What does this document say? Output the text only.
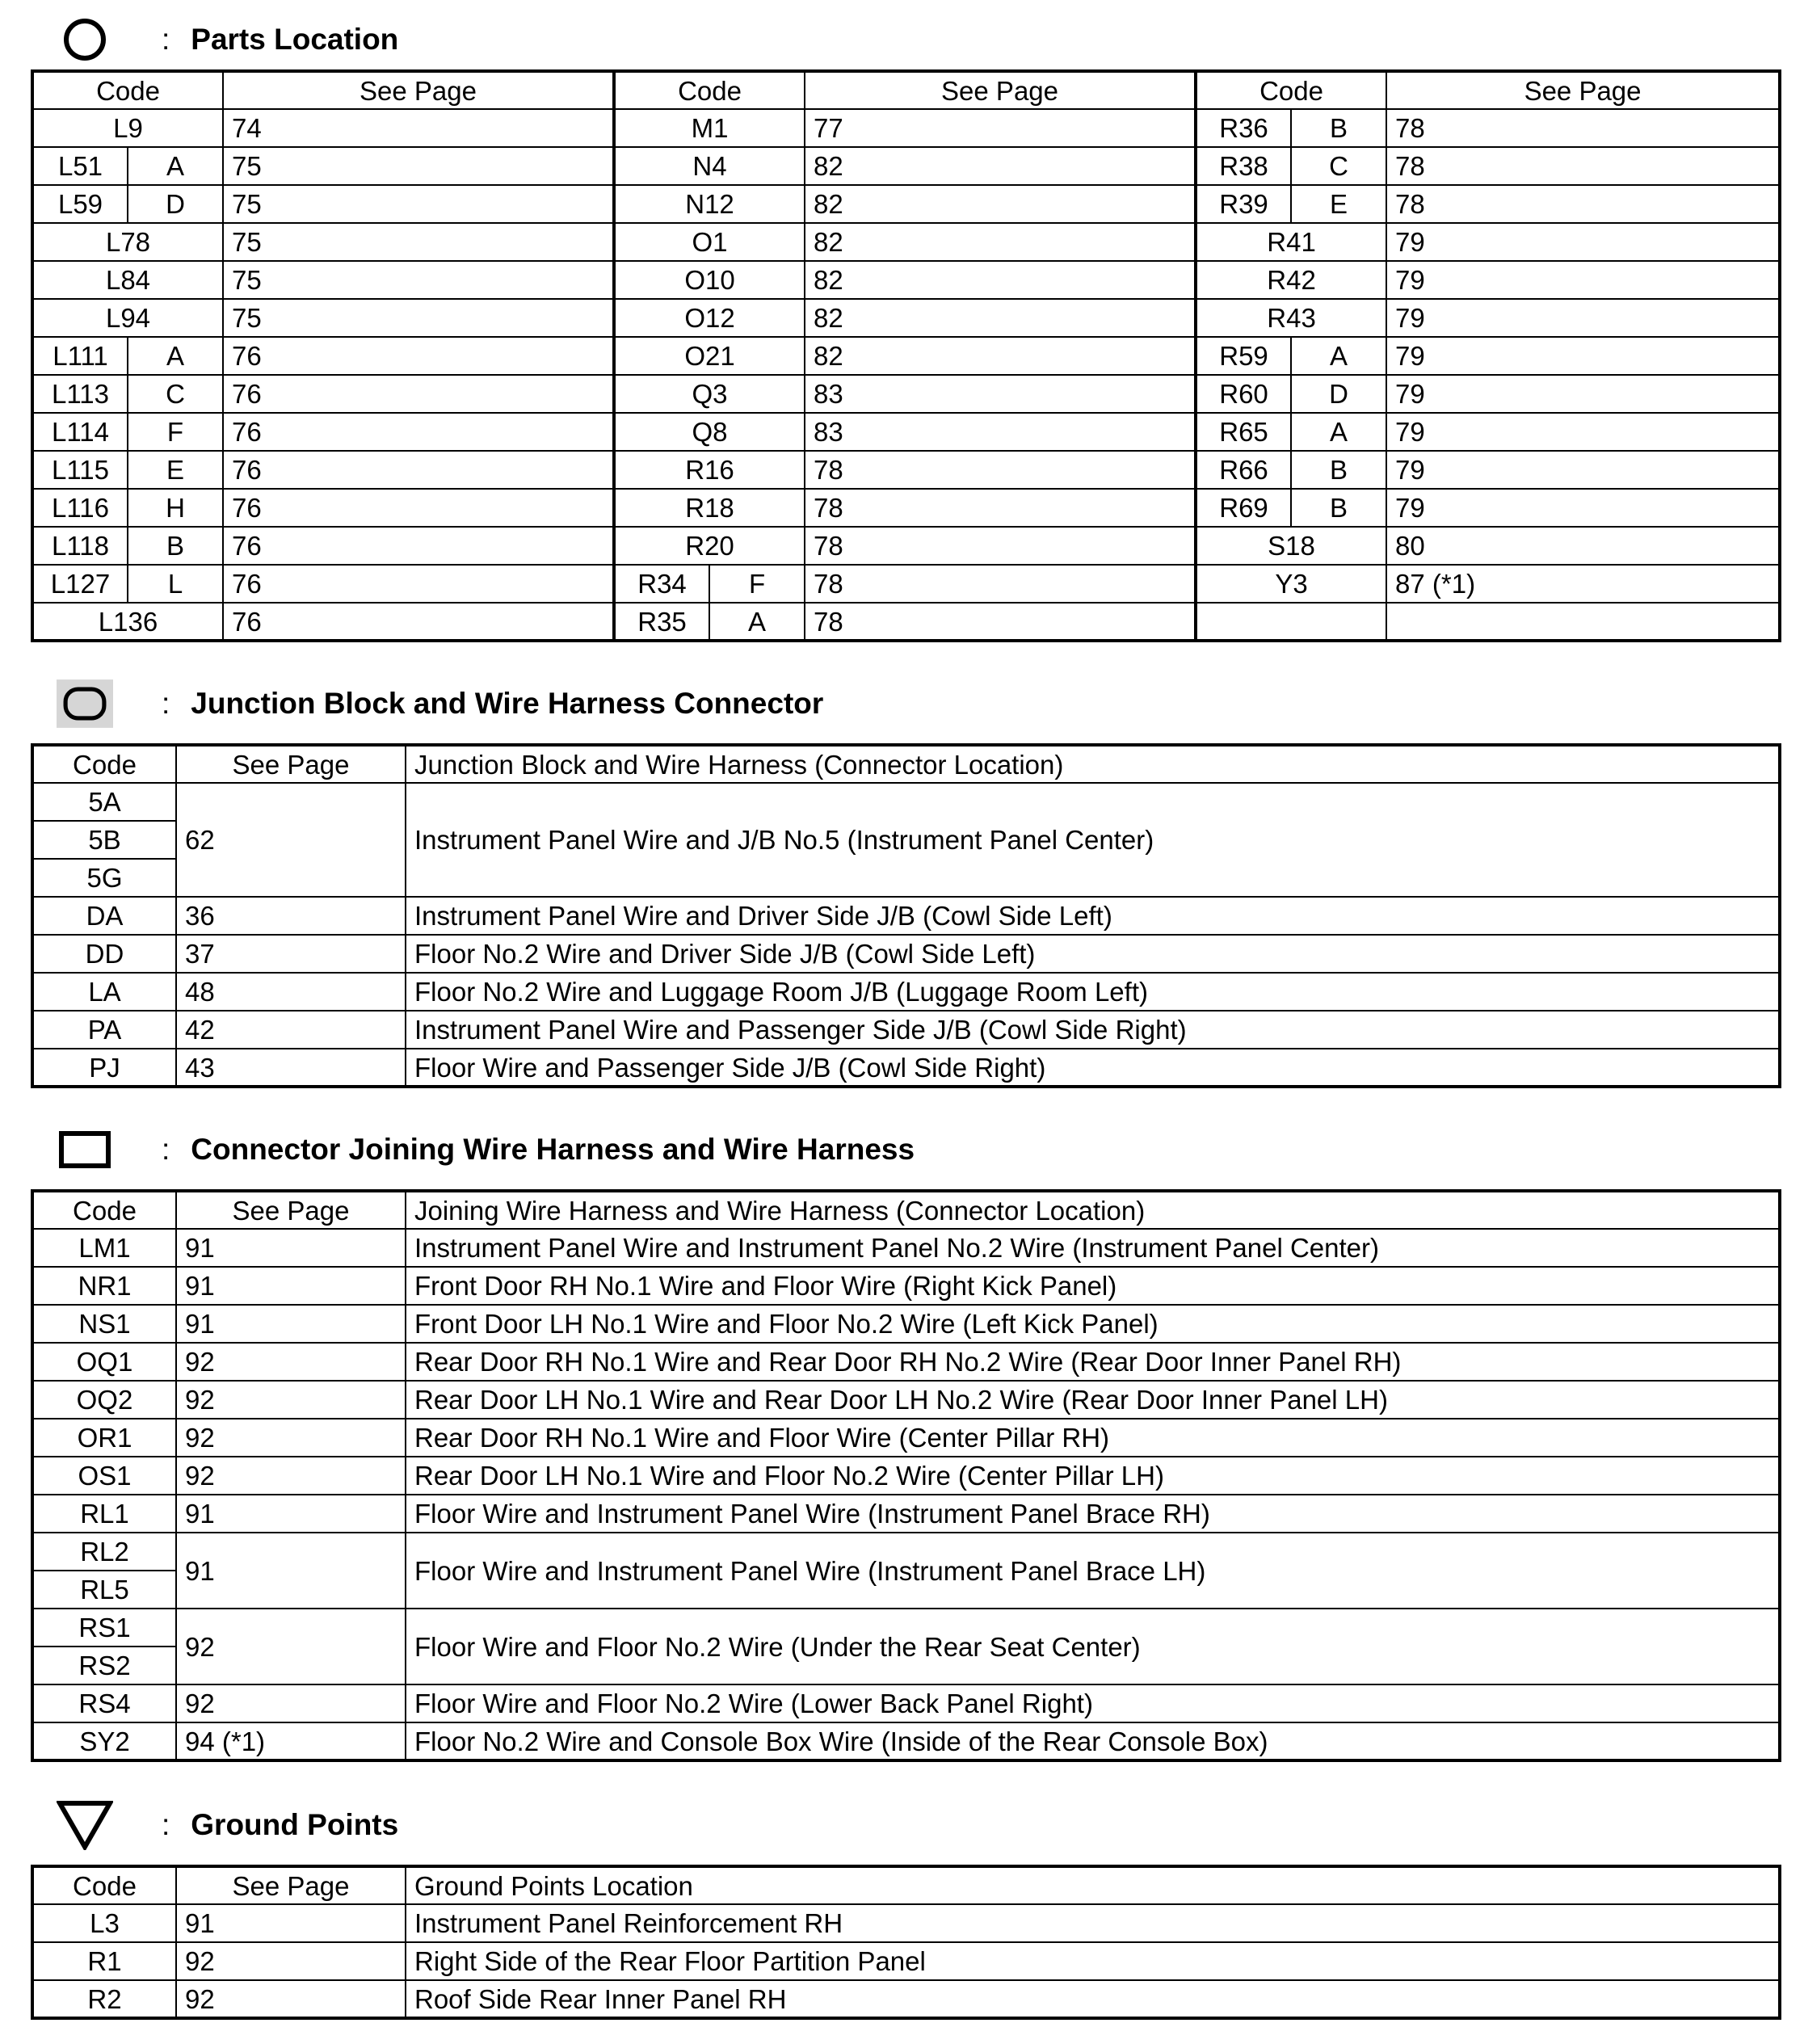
: Parts Location
Code		See Page	Code		See Page	Code		See Page
L9		74	M1		77	R36	B	78
L51	A	75	N4		82	R38	C	78
L59	D	75	N12		82	R39	E	78
L78		75	O1		82	R41		79
L84		75	O10		82	R42		79
L94		75	O12		82	R43		79
L111	A	76	O21		82	R59	A	79
L113	C	76	Q3		83	R60	D	79
L114	F	76	Q8		83	R65	A	79
L115	E	76	R16		78	R66	B	79
L116	H	76	R18		78	R69	B	79
L118	B	76	R20		78	S18		80
L127	L	76	R34	F	78	Y3		87 (*1)
L136		76	R35	A	78			
: Junction Block and Wire Harness Connector
Code	See Page	Junction Block and Wire Harness (Connector Location)
5A	62	Instrument Panel Wire and J/B No.5 (Instrument Panel Center)
5B		
5G		
DA	36	Instrument Panel Wire and Driver Side J/B (Cowl Side Left)
DD	37	Floor No.2 Wire and Driver Side J/B (Cowl Side Left)
LA	48	Floor No.2 Wire and Luggage Room J/B (Luggage Room Left)
PA	42	Instrument Panel Wire and Passenger Side J/B (Cowl Side Right)
PJ	43	Floor Wire and Passenger Side J/B (Cowl Side Right)
: Connector Joining Wire Harness and Wire Harness
Code	See Page	Joining Wire Harness and Wire Harness (Connector Location)
LM1	91	Instrument Panel Wire and Instrument Panel No.2 Wire (Instrument Panel Center)
NR1	91	Front Door RH No.1 Wire and Floor Wire (Right Kick Panel)
NS1	91	Front Door LH No.1 Wire and Floor No.2 Wire (Left Kick Panel)
OQ1	92	Rear Door RH No.1 Wire and Rear Door RH No.2 Wire (Rear Door Inner Panel RH)
OQ2	92	Rear Door LH No.1 Wire and Rear Door LH No.2 Wire (Rear Door Inner Panel LH)
OR1	92	Rear Door RH No.1 Wire and Floor Wire (Center Pillar RH)
OS1	92	Rear Door LH No.1 Wire and Floor No.2 Wire (Center Pillar LH)
RL1	91	Floor Wire and Instrument Panel Wire (Instrument Panel Brace RH)
RL2	91	Floor Wire and Instrument Panel Wire (Instrument Panel Brace LH)
RL5		
RS1	92	Floor Wire and Floor No.2 Wire (Under the Rear Seat Center)
RS2		
RS4	92	Floor Wire and Floor No.2 Wire (Lower Back Panel Right)
SY2	94 (*1)	Floor No.2 Wire and Console Box Wire (Inside of the Rear Console Box)
: Ground Points
Code	See Page	Ground Points Location
L3	91	Instrument Panel Reinforcement RH
R1	92	Right Side of the Rear Floor Partition Panel
R2	92	Roof Side Rear Inner Panel RH
